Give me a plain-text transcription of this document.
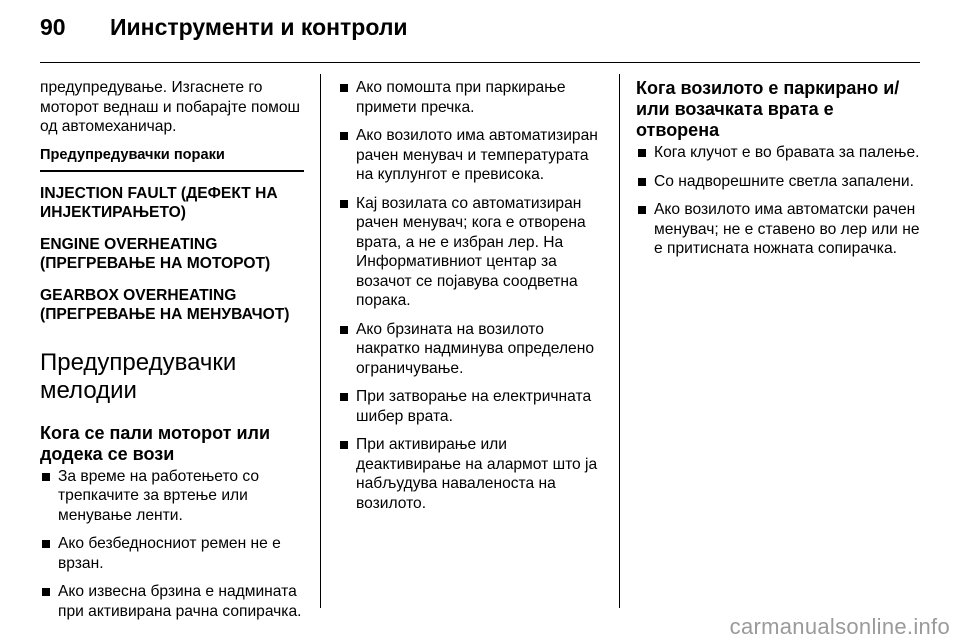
90	Иинструменти и контроли

предупредување. Изгаснете го моторот веднаш и побарајте помош од автомеханичар.

Предупредувачки пораки
INJECTION FAULT (ДЕФЕКТ НА ИНЈЕКТИРАЊЕТО)
ENGINE OVERHEATING (ПРЕГРЕВАЊЕ НА МОТОРОТ)
GEARBOX OVERHEATING (ПРЕГРЕВАЊЕ НА МЕНУВАЧОТ)
Предупредувачки мелодии
Кога се пали моторот или додека се вози
За време на работењето со трепкачите за вртење или менување ленти.
Ако безбедносниот ремен не е врзан.
Ако извесна брзина е надмината при активирана рачна сопирачка.
Ако помошта при паркирање примети пречка.
Ако возилото има автоматизиран рачен менувач и температурата на куплунгот е превисока.
Кај возилата со автоматизиран рачен менувач; кога е отворена врата, а не е избран лер. На Информативниот центар за возачот се појавува соодветна порака.
Ако брзината на возилото накратко надминува определено ограничување.
При затворање на електричната шибер врата.
При активирање или деактивирање на алармот што ја набљудува наваленоста на возилото.
Кога возилото е паркирано и/или возачката врата е отворена
Кога клучот е во бравата за палење.
Со надворешните светла запалени.
Ако возилото има автоматски рачен менувач; не е ставено во лер или не е притисната ножната сопирачка.
carmanualsonline.info
